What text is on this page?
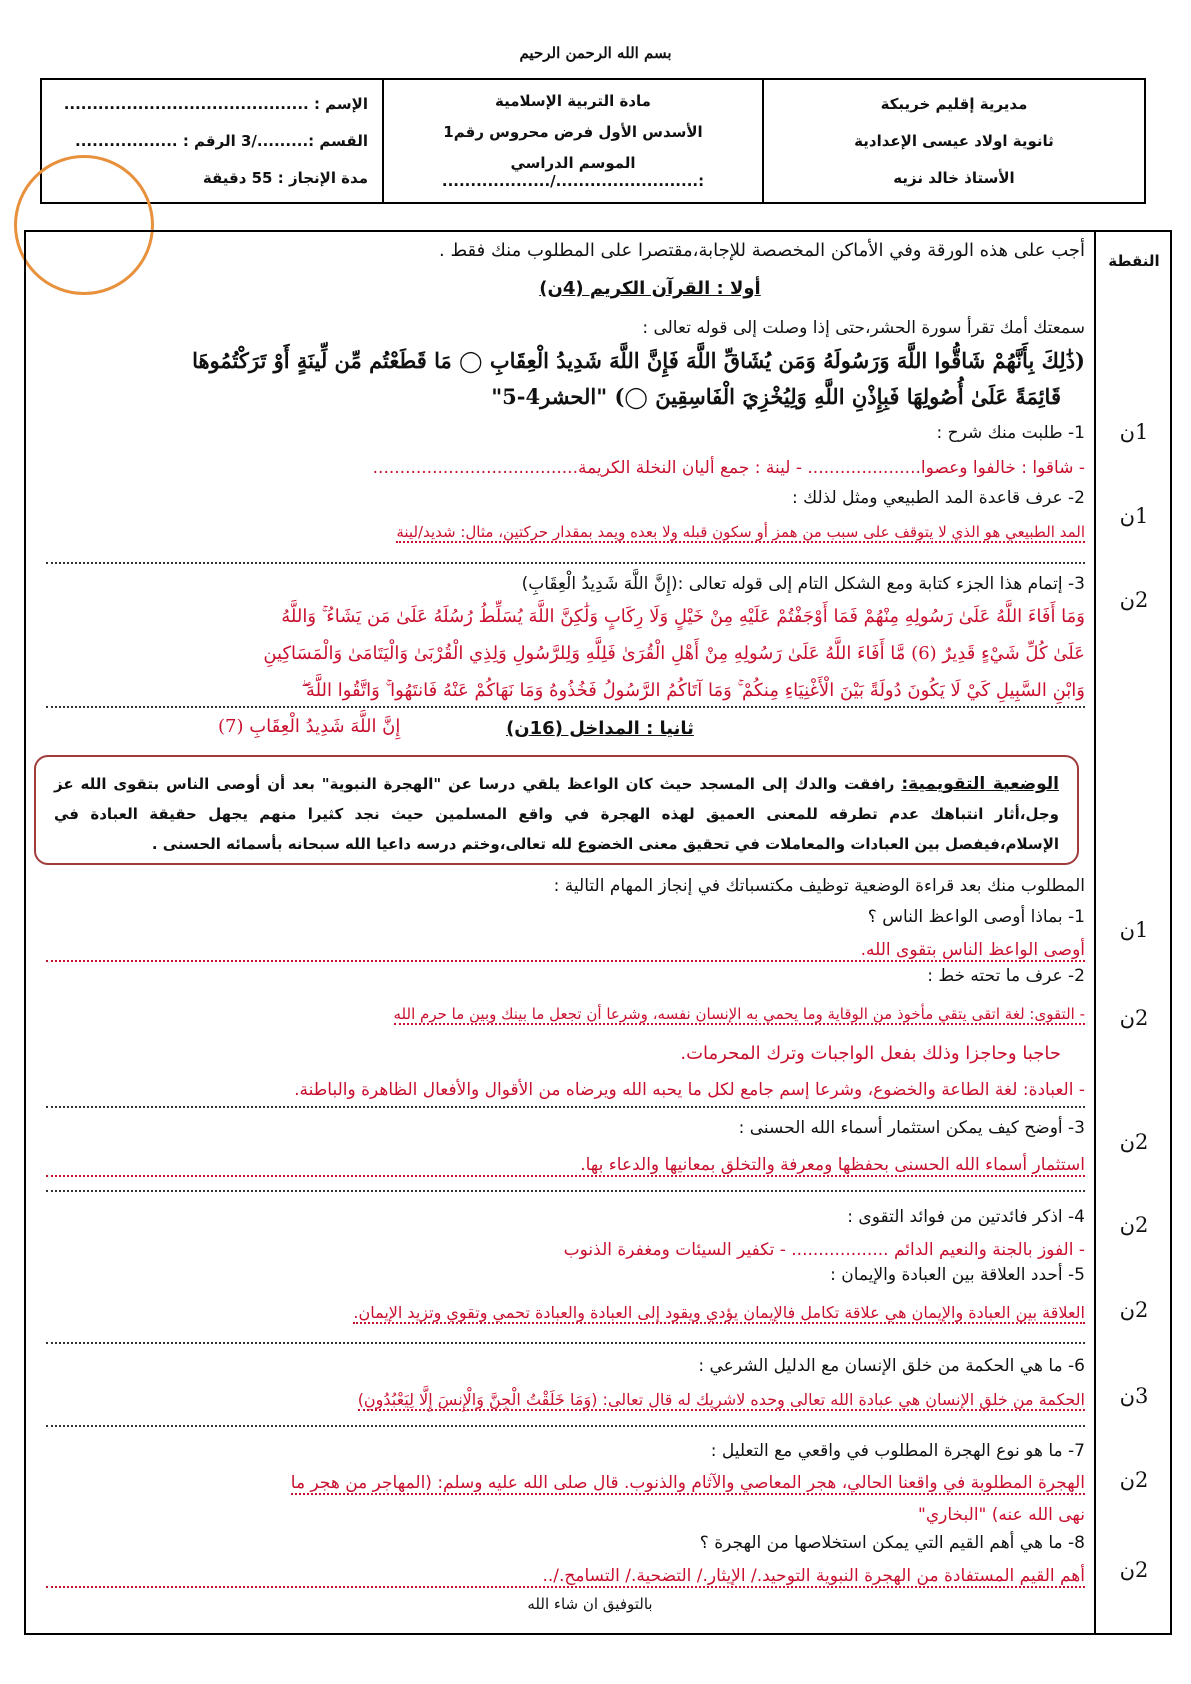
بسم الله الرحمن الرحيم
مديرية إقليم خريبكة
ثانوية اولاد عيسى الإعدادية
الأستاذ خالد نزيه
مادة التربية الإسلامية
الأسدس الأول فرض محروس رقم1
الموسم الدراسي :........................./...................
الإسم : ...........................................
القسم :........./3 الرقم : ..................
مدة الإنجاز : 55 دقيقة
النقطة
أجب على هذه الورقة وفي الأماكن المخصصة للإجابة،مقتصرا على المطلوب منك فقط .
أولا : القرآن الكريم (4ن)
سمعتك أمك تقرأ سورة الحشر،حتى إذا وصلت إلى قوله تعالى :
(ذَٰلِكَ بِأَنَّهُمْ شَاقُّوا اللَّهَ وَرَسُولَهُ وَمَن يُشَاقِّ اللَّهَ فَإِنَّ اللَّهَ شَدِيدُ الْعِقَابِ ◯ مَا قَطَعْتُم مِّن لِّينَةٍ أَوْ تَرَكْتُمُوهَا
قَائِمَةً عَلَىٰ أُصُولِهَا فَبِإِذْنِ اللَّهِ وَلِيُخْزِيَ الْفَاسِقِينَ ◯) "الحشر4-5"
1ن
1- طلبت منك شرح :
- شاقوا : خالفوا وعصوا..................... - لينة : جمع أليان النخلة الكريمة......................................
1ن
2- عرف قاعدة المد الطبيعي ومثل لذلك :
المد الطبيعي هو الذي لا يتوقف على سبب من همز أو سكون قبله ولا بعده ويمد بمقدار حركتين، مثال: شديد/لينة
2ن
3- إتمام هذا الجزء كتابة ومع الشكل التام إلى قوله تعالى :(إِنَّ اللَّهَ شَدِيدُ الْعِقَابِ)
وَمَا أَفَاءَ اللَّهُ عَلَىٰ رَسُولِهِ مِنْهُمْ فَمَا أَوْجَفْتُمْ عَلَيْهِ مِنْ خَيْلٍ وَلَا رِكَابٍ وَلَٰكِنَّ اللَّهَ يُسَلِّطُ رُسُلَهُ عَلَىٰ مَن يَشَاءُ ۚ وَاللَّهُ
عَلَىٰ كُلِّ شَيْءٍ قَدِيرٌ (6) مَّا أَفَاءَ اللَّهُ عَلَىٰ رَسُولِهِ مِنْ أَهْلِ الْقُرَىٰ فَلِلَّهِ وَلِلرَّسُولِ وَلِذِي الْقُرْبَىٰ وَالْيَتَامَىٰ وَالْمَسَاكِينِ
وَابْنِ السَّبِيلِ كَيْ لَا يَكُونَ دُولَةً بَيْنَ الْأَغْنِيَاءِ مِنكُمْ ۚ وَمَا آتَاكُمُ الرَّسُولُ فَخُذُوهُ وَمَا نَهَاكُمْ عَنْهُ فَانتَهُوا ۚ وَاتَّقُوا اللَّهَ ۖ
إِنَّ اللَّهَ شَدِيدُ الْعِقَابِ (7)	ثانيا : المداخل (16ن)
الوضعية التقويمية: رافقت والدك إلى المسجد حيث كان الواعظ يلقي درسا عن "الهجرة النبوية" بعد أن أوصى الناس بتقوى الله عز وجل،أثار انتباهك عدم تطرقه للمعنى العميق لهذه الهجرة في واقع المسلمين حيث نجد كثيرا منهم يجهل حقيقة العبادة في الإسلام،فيفصل بين العبادات والمعاملات في تحقيق معنى الخضوع لله تعالى،وختم درسه داعيا الله سبحانه بأسمائه الحسنى .
المطلوب منك بعد قراءة الوضعية توظيف مكتسباتك في إنجاز المهام التالية :
1ن
1- بماذا أوصى الواعظ الناس ؟
أوصى الواعظ الناس بتقوى الله.
2ن
2- عرف ما تحته خط :
- التقوى: لغة اتقى يتقي مأخوذ من الوقاية وما يحمي به الإنسان نفسه، وشرعا أن تجعل ما بينك وبين ما حرم الله
حاجبا وحاجزا وذلك بفعل الواجبات وترك المحرمات.
- العبادة: لغة الطاعة والخضوع، وشرعا إسم جامع لكل ما يحبه الله ويرضاه من الأقوال والأفعال الظاهرة والباطنة.
2ن
3- أوضح كيف يمكن استثمار أسماء الله الحسنى :
استثمار أسماء الله الحسنى بحفظها ومعرفة والتخلق بمعانيها والدعاء بها.
2ن
4- اذكر فائدتين من فوائد التقوى :
- الفوز بالجنة والنعيم الدائم .................. - تكفير السيئات ومغفرة الذنوب
2ن
5- أحدد العلاقة بين العبادة والإيمان :
العلاقة بين العبادة والإيمان هي علاقة تكامل فالإيمان يؤدي ويقود إلى العبادة والعبادة تحمي وتقوي وتزيد الإيمان.
3ن
6- ما هي الحكمة من خلق الإنسان مع الدليل الشرعي :
الحكمة من خلق الإنسان هي عبادة الله تعالى وحده لاشريك له قال تعالى: (وَمَا خَلَقْتُ الْجِنَّ وَالْإِنسَ إِلَّا لِيَعْبُدُونِ)
2ن
7- ما هو نوع الهجرة المطلوب في واقعي مع التعليل :
الهجرة المطلوبة في واقعنا الحالي، هجر المعاصي والآثام والذنوب. قال صلى الله عليه وسلم: (المهاجر من هجر ما
نهى الله عنه) "البخاري"
2ن
8- ما هي أهم القيم التي يمكن استخلاصها من الهجرة ؟
أهم القيم المستفادة من الهجرة النبوية التوحيد./ الإيثار./ التضحية./ التسامح./..
بالتوفيق ان شاء الله
